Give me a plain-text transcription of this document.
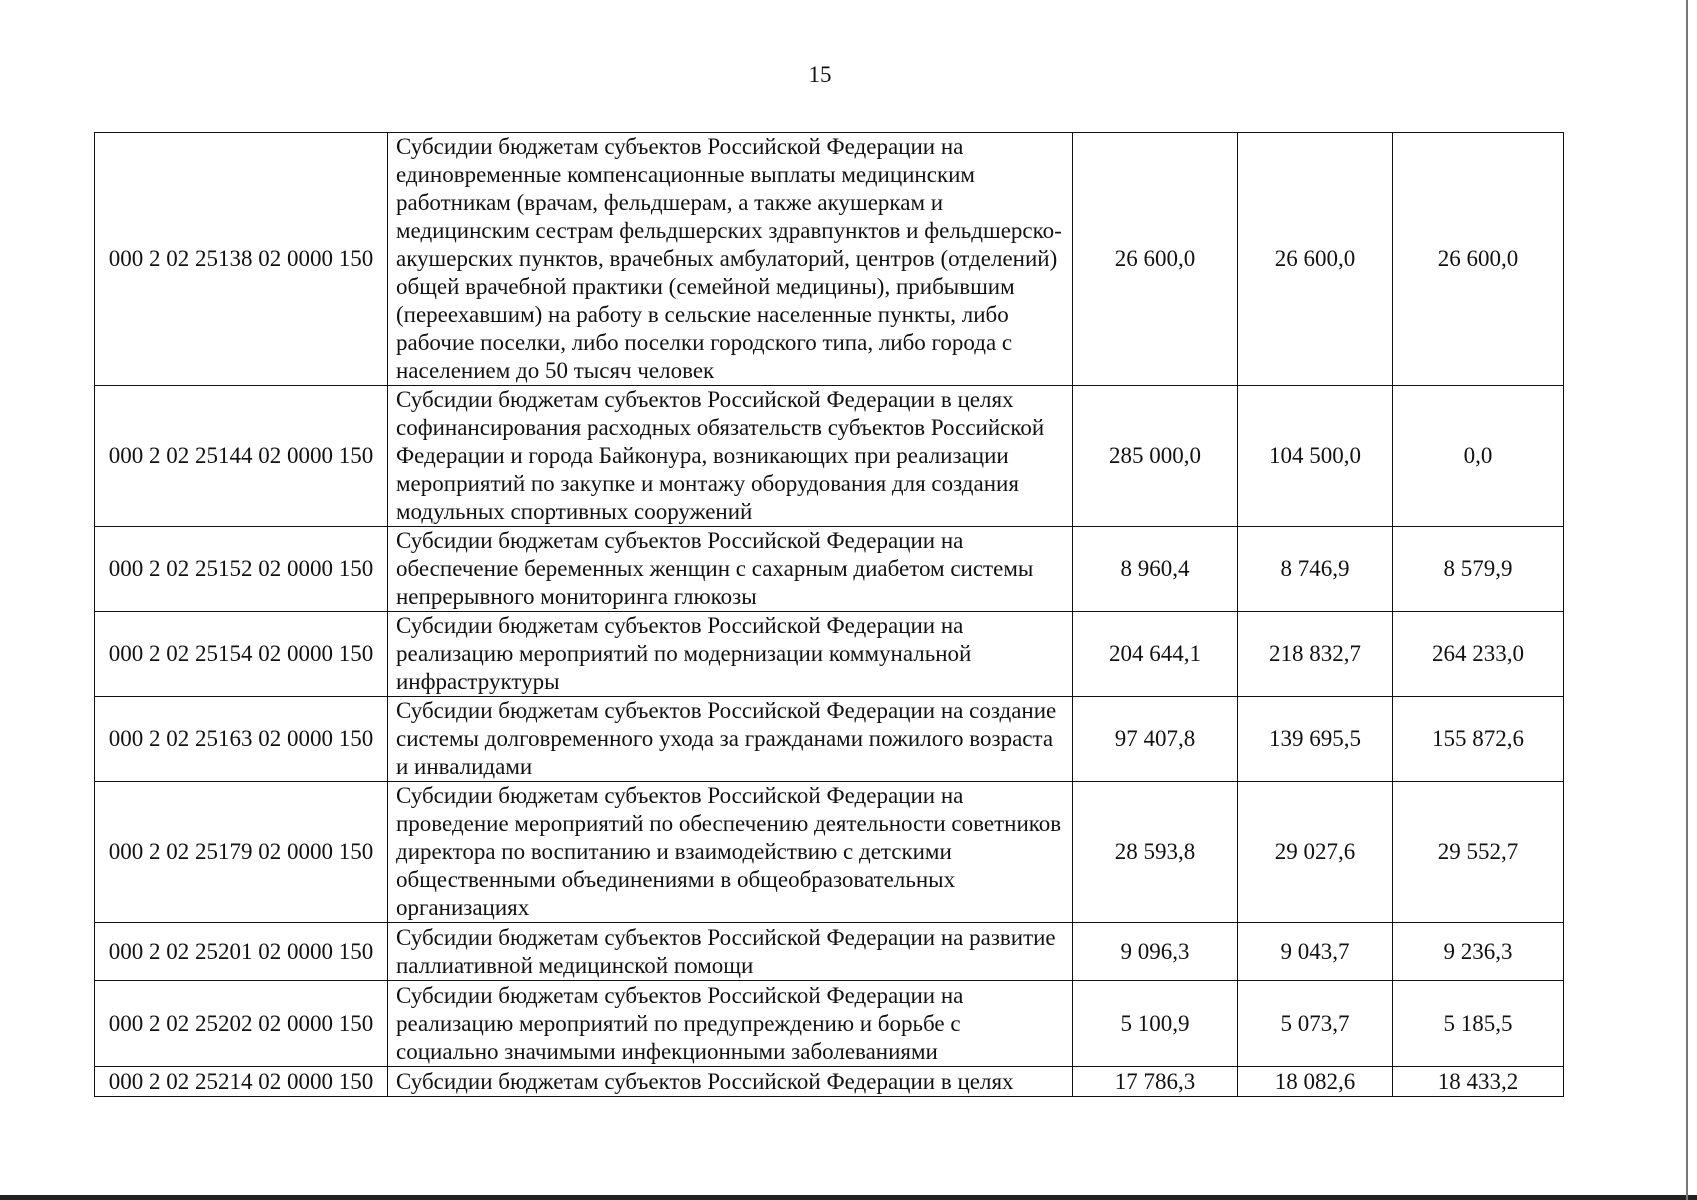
15
000 2 02 25138 02 0000 150	Субсидии бюджетам субъектов Российской Федерации на единовременные компенсационные выплаты медицинским работникам (врачам, фельдшерам, а также акушеркам и медицинским сестрам фельдшерских здравпунктов и фельдшерско-акушерских пунктов, врачебных амбулаторий, центров (отделений) общей врачебной практики (семейной медицины), прибывшим (переехавшим) на работу в сельские населенные пункты, либо рабочие поселки, либо поселки городского типа, либо города с населением до 50 тысяч человек	26 600,0	26 600,0	26 600,0
000 2 02 25144 02 0000 150	Субсидии бюджетам субъектов Российской Федерации в целях софинансирования расходных обязательств субъектов Российской Федерации и города Байконура, возникающих при реализации мероприятий по закупке и монтажу оборудования для создания модульных спортивных сооружений	285 000,0	104 500,0	0,0
000 2 02 25152 02 0000 150	Субсидии бюджетам субъектов Российской Федерации на обеспечение беременных женщин с сахарным диабетом системы непрерывного мониторинга глюкозы	8 960,4	8 746,9	8 579,9
000 2 02 25154 02 0000 150	Субсидии бюджетам субъектов Российской Федерации на реализацию мероприятий по модернизации коммунальной инфраструктуры	204 644,1	218 832,7	264 233,0
000 2 02 25163 02 0000 150	Субсидии бюджетам субъектов Российской Федерации на создание системы долговременного ухода за гражданами пожилого возраста и инвалидами	97 407,8	139 695,5	155 872,6
000 2 02 25179 02 0000 150	Субсидии бюджетам субъектов Российской Федерации на проведение мероприятий по обеспечению деятельности советников директора по воспитанию и взаимодействию с детскими общественными объединениями в общеобразовательных организациях	28 593,8	29 027,6	29 552,7
000 2 02 25201 02 0000 150	Субсидии бюджетам субъектов Российской Федерации на развитие паллиативной медицинской помощи	9 096,3	9 043,7	9 236,3
000 2 02 25202 02 0000 150	Субсидии бюджетам субъектов Российской Федерации на реализацию мероприятий по предупреждению и борьбе с социально значимыми инфекционными заболеваниями	5 100,9	5 073,7	5 185,5
000 2 02 25214 02 0000 150	Субсидии бюджетам субъектов Российской Федерации в целях	17 786,3	18 082,6	18 433,2
